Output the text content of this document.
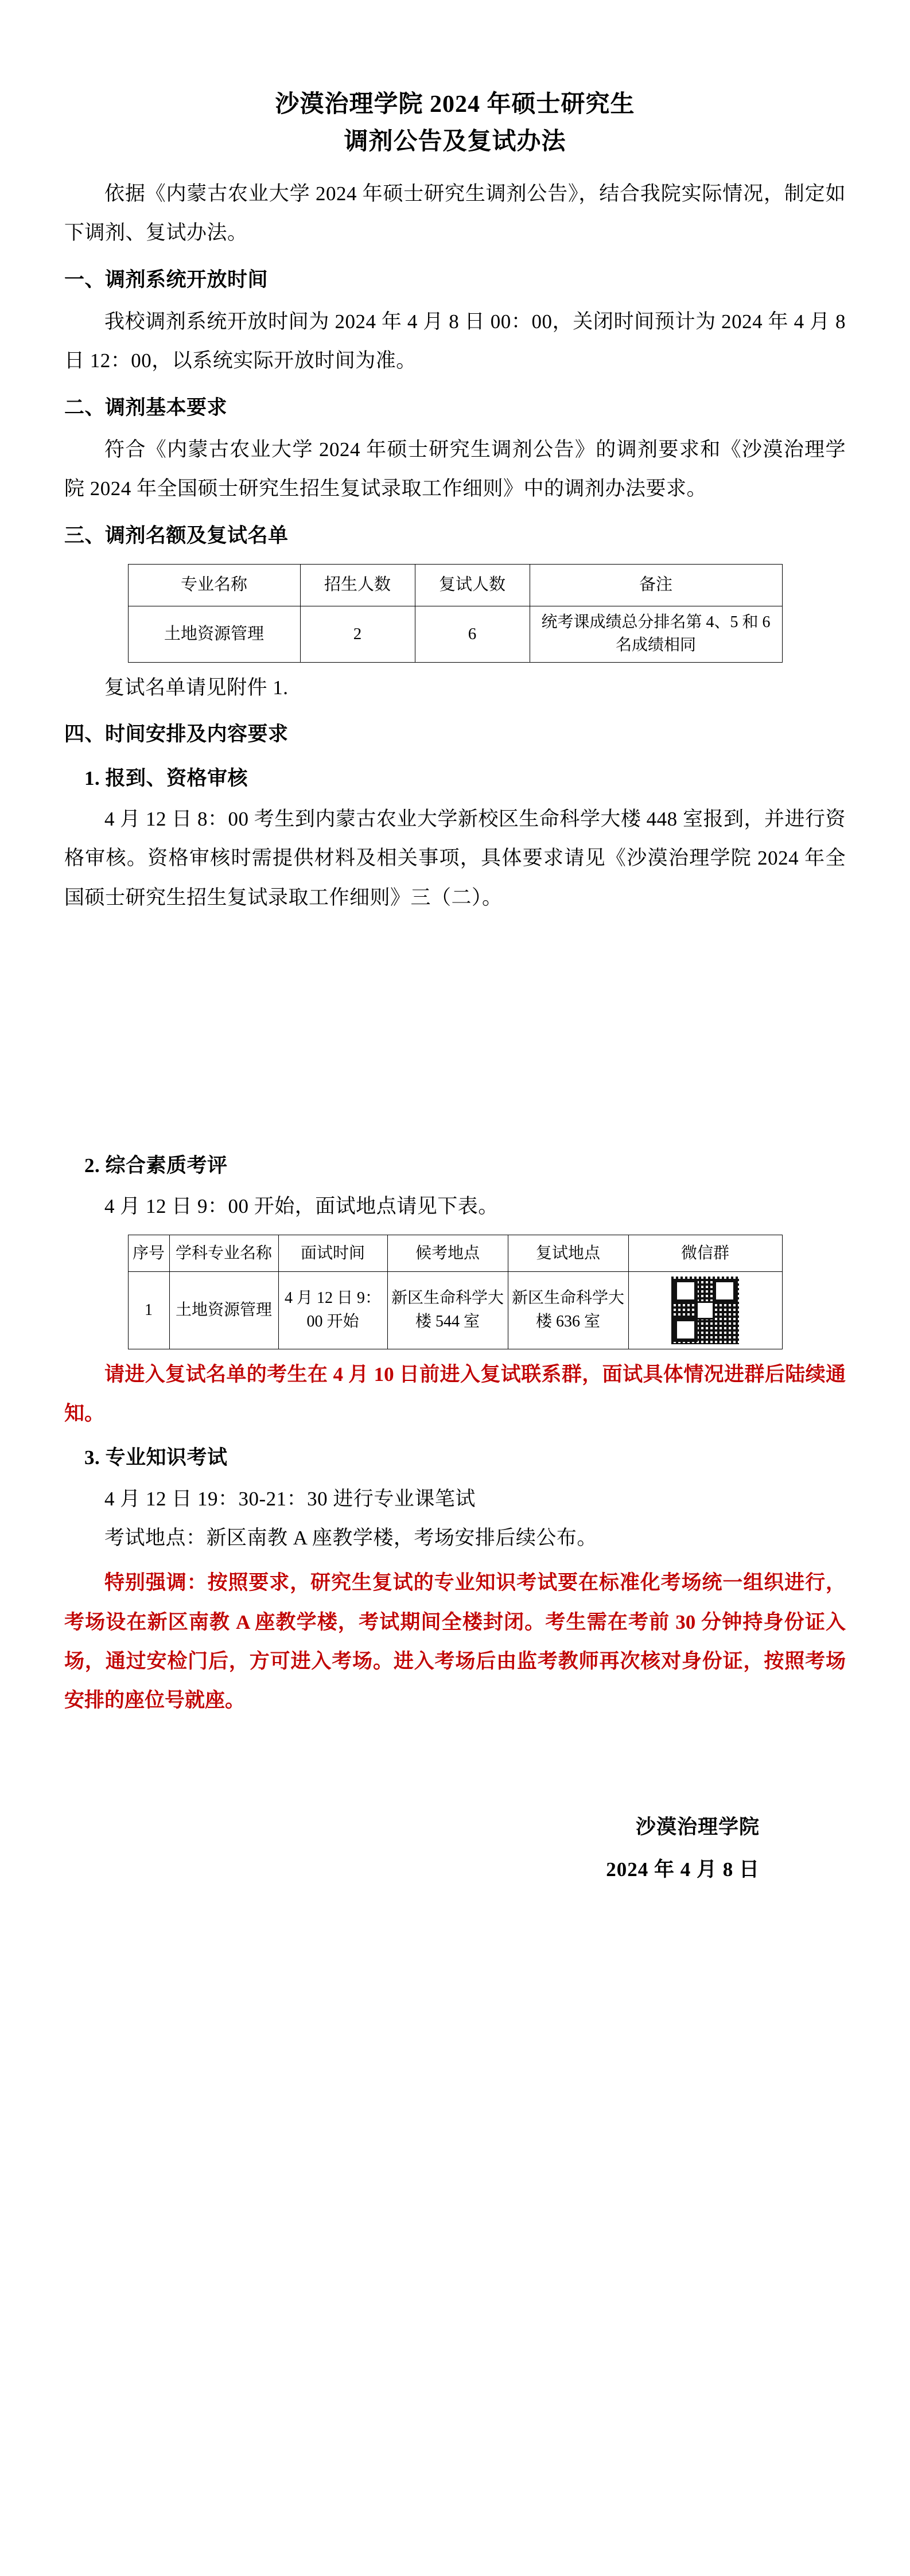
沙漠治理学院 2024 年硕士研究生
调剂公告及复试办法

依据《内蒙古农业大学 2024 年硕士研究生调剂公告》，结合我院实际情况，制定如下调剂、复试办法。

一、调剂系统开放时间

我校调剂系统开放时间为 2024 年 4 月 8 日 00：00，关闭时间预计为 2024 年 4 月 8 日 12：00，以系统实际开放时间为准。

二、调剂基本要求

符合《内蒙古农业大学 2024 年硕士研究生调剂公告》的调剂要求和《沙漠治理学院 2024 年全国硕士研究生招生复试录取工作细则》中的调剂办法要求。

三、调剂名额及复试名单
专业名称	招生人数	复试人数	备注
土地资源管理	2	6	统考课成绩总分排名第 4、5 和 6 名成绩相同

复试名单请见附件 1.

四、时间安排及内容要求
1. 报到、资格审核

4 月 12 日 8：00 考生到内蒙古农业大学新校区生命科学大楼 448 室报到，并进行资格审核。资格审核时需提供材料及相关事项，具体要求请见《沙漠治理学院 2024 年全国硕士研究生招生复试录取工作细则》三（二）。

2. 综合素质考评

4 月 12 日 9：00 开始，面试地点请见下表。

序号	学科专业名称	面试时间	候考地点	复试地点	微信群
1	土地资源管理	4 月 12 日 9：00 开始	新区生命科学大楼 544 室	新区生命科学大楼 636 室	

请进入复试名单的考生在 4 月 10 日前进入复试联系群，面试具体情况进群后陆续通知。

3. 专业知识考试

4 月 12 日 19：30-21：30 进行专业课笔试

考试地点：新区南教 A 座教学楼，考场安排后续公布。

特别强调：按照要求，研究生复试的专业知识考试要在标准化考场统一组织进行，考场设在新区南教 A 座教学楼，考试期间全楼封闭。考生需在考前 30 分钟持身份证入场，通过安检门后，方可进入考场。进入考场后由监考教师再次核对身份证，按照考场安排的座位号就座。

沙漠治理学院
2024 年 4 月 8 日
